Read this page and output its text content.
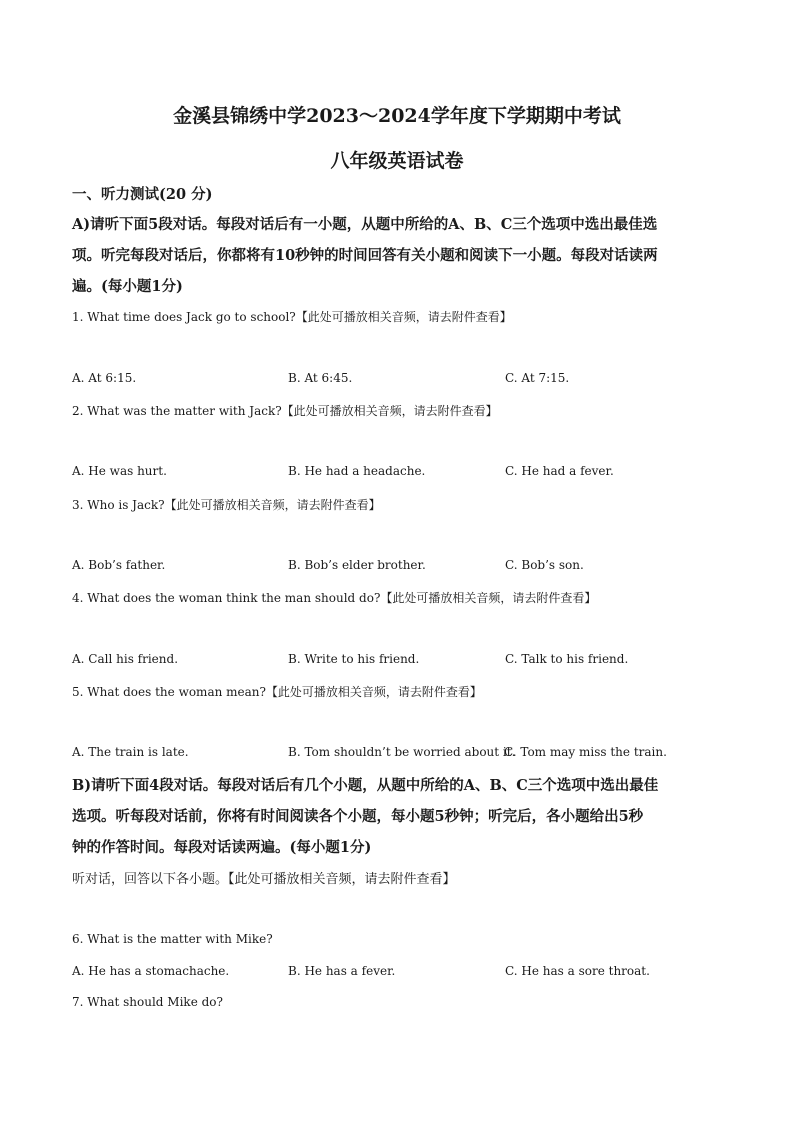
金溪县锦绣中学2023～2024学年度下学期期中考试
八年级英语试卷
一、听力测试(20 分)
A)请听下面5段对话。每段对话后有一小题，从题中所给的A、B、C三个选项中选出最佳选
项。听完每段对话后，你都将有10秒钟的时间回答有关小题和阅读下一小题。每段对话读两
遍。(每小题1分)
1. What time does Jack go to school?【此处可播放相关音频，请去附件查看】
A. At 6:15.	B. At 6:45.	C. At 7:15.
2. What was the matter with Jack?【此处可播放相关音频，请去附件查看】
A. He was hurt.	B. He had a headache.	C. He had a fever.
3. Who is Jack?【此处可播放相关音频，请去附件查看】
A. Bob’s father.	B. Bob’s elder brother.	C. Bob’s son.
4. What does the woman think the man should do?【此处可播放相关音频，请去附件查看】
A. Call his friend.	B. Write to his friend.	C. Talk to his friend.
5. What does the woman mean?【此处可播放相关音频，请去附件查看】
A. The train is late.	B. Tom shouldn’t be worried about it.
C. Tom may miss the train.
B)请听下面4段对话。每段对话后有几个小题，从题中所给的A、B、C三个选项中选出最佳
选项。听每段对话前，你将有时间阅读各个小题，每小题5秒钟；听完后，各小题给出5秒
钟的作答时间。每段对话读两遍。(每小题1分)
听对话，回答以下各小题。【此处可播放相关音频，请去附件查看】
6. What is the matter with Mike?
A. He has a stomachache.	B. He has a fever.	C. He has a sore throat.
7. What should Mike do?
